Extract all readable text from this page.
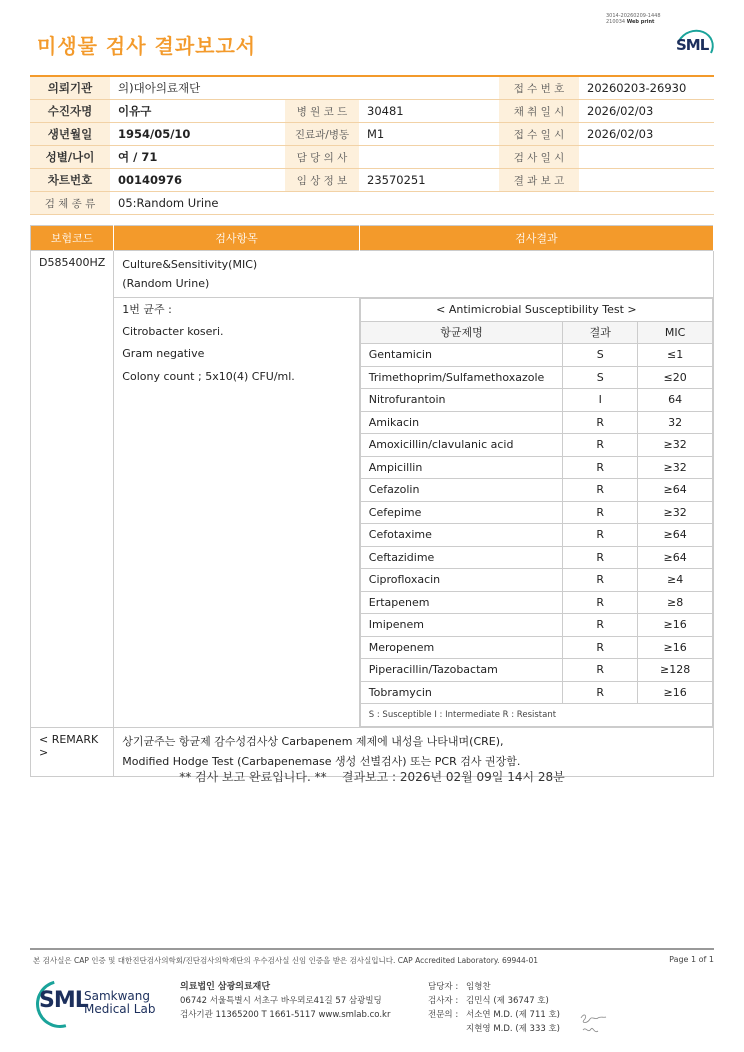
미생물 검사 결과보고서
3014-20260209-1448
210034 Web print
SML
의뢰기관	의)대아의료재단			접 수 번 호	20260203-26930
수진자명	이유구	병 원 코 드	30481	채 취 일 시	2026/02/03
생년월일	1954/05/10	진료과/병동	M1	접 수 일 시	2026/02/03
성별/나이	여 / 71	담 당 의 사		검 사 일 시	
차트번호	00140976	임 상 정 보	23570251	결 과 보 고	
검 체 종 류	05:Random Urine				
보험코드	검사항목	검사결과
D585400HZ	Culture&Sensitivity(MIC)
(Random Urine)

1번 균주 :
Citrobacter koseri.
Gram negative
Colony count ; 5x10(4) CFU/ml.

< Antimicrobial Susceptibility Test >
항균제명	결과	MIC
Gentamicin	S	≤1
Trimethoprim/Sulfamethoxazole	S	≤20
Nitrofurantoin	I	64
Amikacin	R	32
Amoxicillin/clavulanic acid	R	≥32
Ampicillin	R	≥32
Cefazolin	R	≥64
Cefepime	R	≥32
Cefotaxime	R	≥64
Ceftazidime	R	≥64
Ciprofloxacin	R	≥4
Ertapenem	R	≥8
Imipenem	R	≥16
Meropenem	R	≥16
Piperacillin/Tazobactam	R	≥128
Tobramycin	R	≥16
S : Susceptible I : Intermediate R : Resistant

< REMARK >	
상기균주는 항균제 감수성검사상 Carbapenem 제제에 내성을 나타내며(CRE),
Modified Hodge Test (Carbapenemase 생성 선별검사) 또는 PCR 검사 권장함.
** 검사 보고 완료입니다. **    결과보고 : 2026년 02월 09일 14시 28분
본 검사실은 CAP 인증 및 대한진단검사의학회/진단검사의학재단의 우수검사실 신임 인증을 받은 검사실입니다. CAP Accredited Laboratory. 69944-01	Page 1 of 1
SML
Samkwang
Medical Lab
의료법인 삼광의료재단
06742 서울특별시 서초구 바우뫼로41길 57 삼광빌딩
검사기관 11365200 T 1661-5117 www.smlab.co.kr
담당자 : 임형찬
검사자 : 김민식 (제 36747 호)
전문의 : 서소연 M.D. (제 711 호)
지현영 M.D. (제 333 호)
